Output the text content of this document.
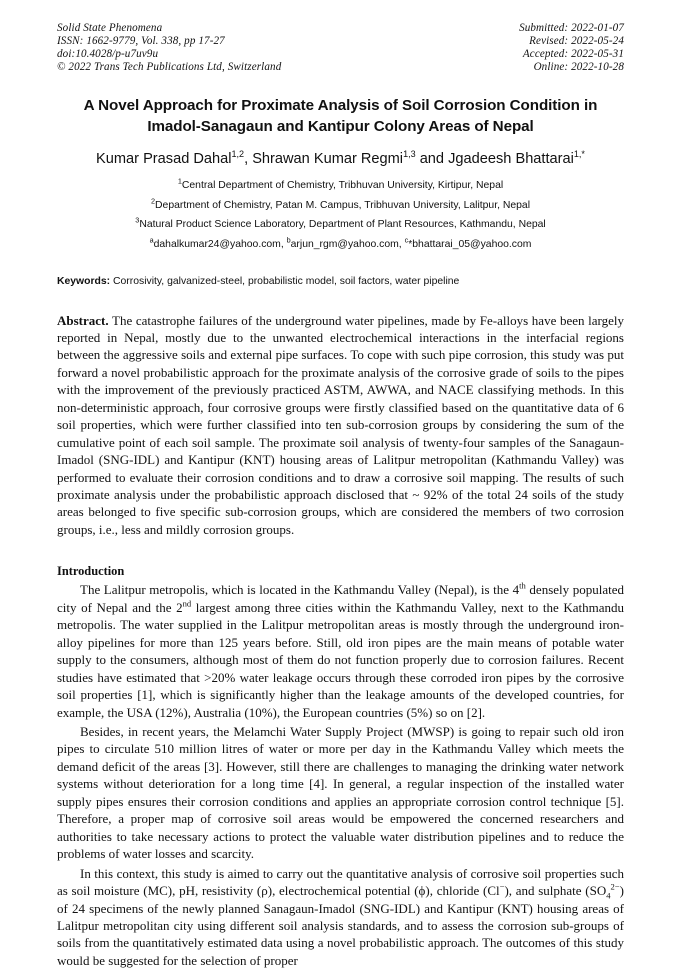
Solid State Phenomena
ISSN: 1662-9779, Vol. 338, pp 17-27
doi:10.4028/p-u7uv9u
© 2022 Trans Tech Publications Ltd, Switzerland
Submitted: 2022-01-07
Revised: 2022-05-24
Accepted: 2022-05-31
Online: 2022-10-28
A Novel Approach for Proximate Analysis of Soil Corrosion Condition in Imadol-Sanagaun and Kantipur Colony Areas of Nepal
Kumar Prasad Dahal$^{1,2}$, Shrawan Kumar Regmi$^{1,3}$ and Jgadeesh Bhattarai$^{1,*}$
$^1$Central Department of Chemistry, Tribhuvan University, Kirtipur, Nepal
$^2$Department of Chemistry, Patan M. Campus, Tribhuvan University, Lalitpur, Nepal
$^3$Natural Product Science Laboratory, Department of Plant Resources, Kathmandu, Nepal
$^a$dahalkumar24@yahoo.com, $^b$arjun_rgm@yahoo.com, $^c$*bhattarai_05@yahoo.com
Keywords: Corrosivity, galvanized-steel, probabilistic model, soil factors, water pipeline
Abstract. The catastrophe failures of the underground water pipelines, made by Fe-alloys have been largely reported in Nepal, mostly due to the unwanted electrochemical interactions in the interfacial regions between the aggressive soils and external pipe surfaces. To cope with such pipe corrosion, this study was put forward a novel probabilistic approach for the proximate analysis of the corrosive grade of soils to the pipes with the improvement of the previously practiced ASTM, AWWA, and NACE classifying methods. In this non-deterministic approach, four corrosive groups were firstly classified based on the quantitative data of 6 soil properties, which were further classified into ten sub-corrosion groups by considering the sum of the cumulative point of each soil sample. The proximate soil analysis of twenty-four samples of the Sanagaun-Imadol (SNG-IDL) and Kantipur (KNT) housing areas of Lalitpur metropolitan (Kathmandu Valley) was performed to evaluate their corrosion conditions and to draw a corrosive soil mapping. The results of such proximate analysis under the probabilistic approach disclosed that ~ 92% of the total 24 soils of the study areas belonged to five specific sub-corrosion groups, which are considered the members of two corrosion groups, i.e., less and mildly corrosion groups.
Introduction
The Lalitpur metropolis, which is located in the Kathmandu Valley (Nepal), is the 4th densely populated city of Nepal and the 2nd largest among three cities within the Kathmandu Valley, next to the Kathmandu metropolis. The water supplied in the Lalitpur metropolitan areas is mostly through the underground iron-alloy pipelines for more than 125 years before. Still, old iron pipes are the main means of potable water supply to the consumers, although most of them do not function properly due to corrosion failures. Recent studies have estimated that >20% water leakage occurs through these corroded iron pipes by the corrosive soil properties [1], which is significantly higher than the leakage amounts of the developed countries, for example, the USA (12%), Australia (10%), the European countries (5%) so on [2].
Besides, in recent years, the Melamchi Water Supply Project (MWSP) is going to repair such old iron pipes to circulate 510 million litres of water or more per day in the Kathmandu Valley which meets the demand deficit of the areas [3]. However, still there are challenges to managing the drinking water network systems without deterioration for a long time [4]. In general, a regular inspection of the installed water supply pipes ensures their corrosion conditions and applies an appropriate corrosion control technique [5]. Therefore, a proper map of corrosive soil areas would be empowered the concerned researchers and authorities to take necessary actions to protect the valuable water distribution pipelines and to reduce the problems of water losses and scarcity.
In this context, this study is aimed to carry out the quantitative analysis of corrosive soil properties such as soil moisture (MC), pH, resistivity (ρ), electrochemical potential (ϕ), chloride (Cl−), and sulphate $(SO_4^{2-})$ of 24 specimens of the newly planned Sanagaun-Imadol (SNG-IDL) and Kantipur (KNT) housing areas of Lalitpur metropolitan city using different soil analysis standards, and to assess the corrosion sub-groups of soils from the quantitatively estimated data using a novel probabilistic approach. The outcomes of this study would be suggested for the selection of proper
